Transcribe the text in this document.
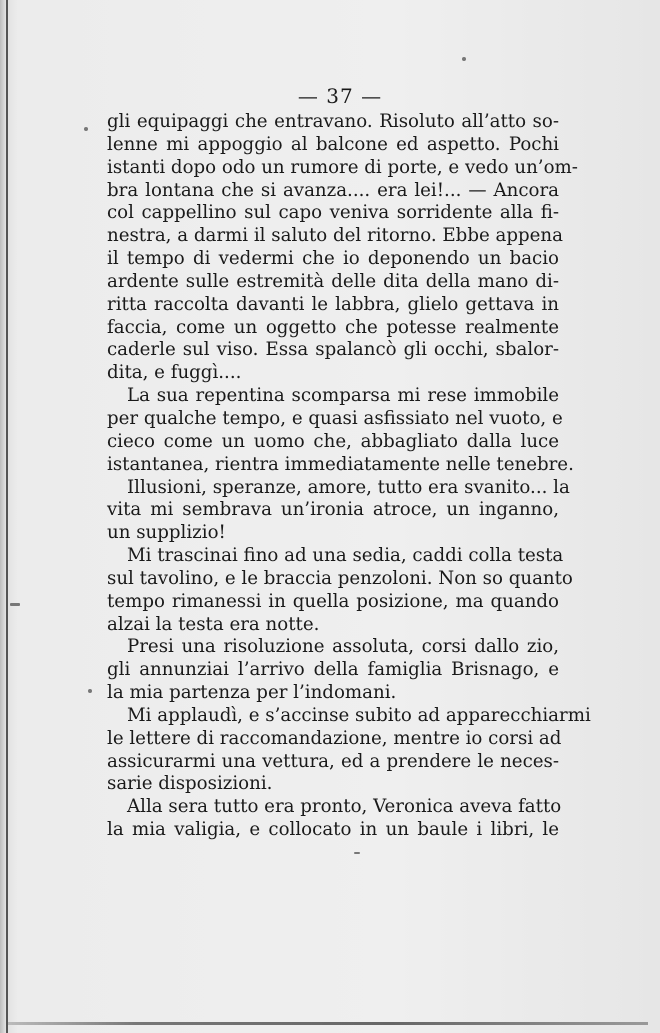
— 37 —
gli equipaggi che entravano. Risoluto all’atto so-
lenne mi appoggio al balcone ed aspetto. Pochi
istanti dopo odo un rumore di porte, e vedo un’om-
bra lontana che si avanza.... era lei!... — Ancora
col cappellino sul capo veniva sorridente alla fi-
nestra, a darmi il saluto del ritorno. Ebbe appena
il tempo di vedermi che io deponendo un bacio
ardente sulle estremità delle dita della mano di-
ritta raccolta davanti le labbra, glielo gettava in
faccia, come un oggetto che potesse realmente
caderle sul viso. Essa spalancò gli occhi, sbalor-
dita, e fuggì....
La sua repentina scomparsa mi rese immobile
per qualche tempo, e quasi asfissiato nel vuoto, e
cieco come un uomo che, abbagliato dalla luce
istantanea, rientra immediatamente nelle tenebre.
Illusioni, speranze, amore, tutto era svanito... la
vita mi sembrava un’ironia atroce, un inganno,
un supplizio!
Mi trascinai fino ad una sedia, caddi colla testa
sul tavolino, e le braccia penzoloni. Non so quanto
tempo rimanessi in quella posizione, ma quando
alzai la testa era notte.
Presi una risoluzione assoluta, corsi dallo zio,
gli annunziai l’arrivo della famiglia Brisnago, e
la mia partenza per l’indomani.
Mi applaudì, e s’accinse subito ad apparecchiarmi
le lettere di raccomandazione, mentre io corsi ad
assicurarmi una vettura, ed a prendere le neces-
sarie disposizioni.
Alla sera tutto era pronto, Veronica aveva fatto
la mia valigia, e collocato in un baule i libri, le
